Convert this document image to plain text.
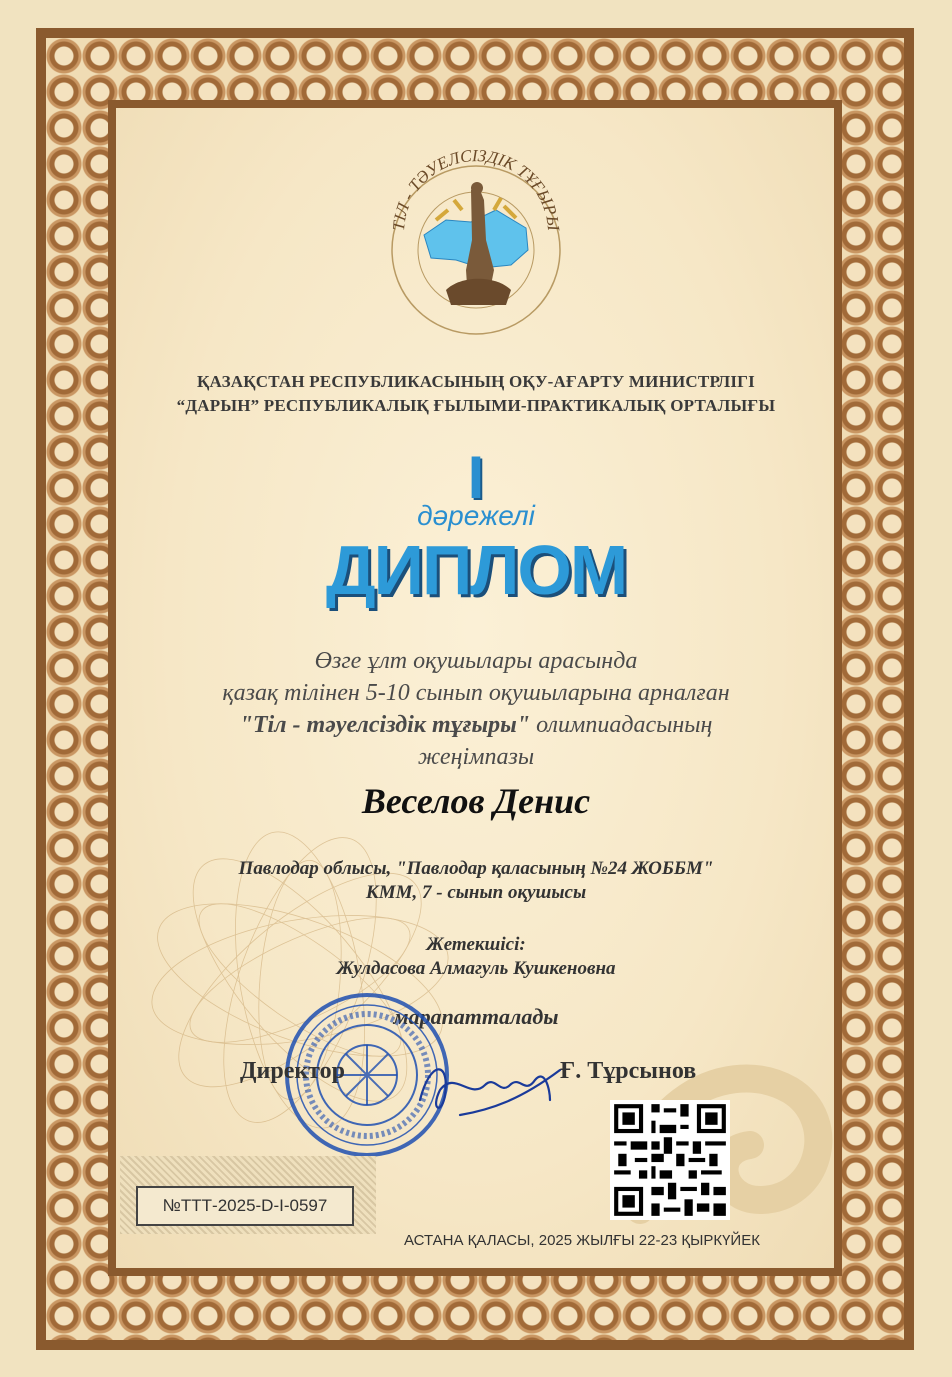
ТІЛ - ТӘУЕЛСІЗДІК ТҰҒЫРЫ
ҚАЗАҚСТАН РЕСПУБЛИКАСЫНЫҢ ОҚУ-АҒАРТУ МИНИСТРЛІГІ
“ДАРЫН” РЕСПУБЛИКАЛЫҚ ҒЫЛЫМИ-ПРАКТИКАЛЫҚ ОРТАЛЫҒЫ
I
дәрежелі
ДИПЛОМ
Өзге ұлт оқушылары арасында
қазақ тілінен 5-10 сынып оқушыларына арналған
"Тіл - тәуелсіздік тұғыры" олимпиадасының
жеңімпазы
Веселов Денис
Павлодар облысы, "Павлодар қаласының №24 ЖОББМ"
КММ, 7 - сынып оқушысы
Жетекшісі:
Жулдасова Алмагуль Кушкеновна
марапатталады
Директор	Ғ. Тұрсынов
№ТТТ-2025-D-I-0597
АСТАНА ҚАЛАСЫ, 2025 ЖЫЛҒЫ 22-23 ҚЫРКҮЙЕК
